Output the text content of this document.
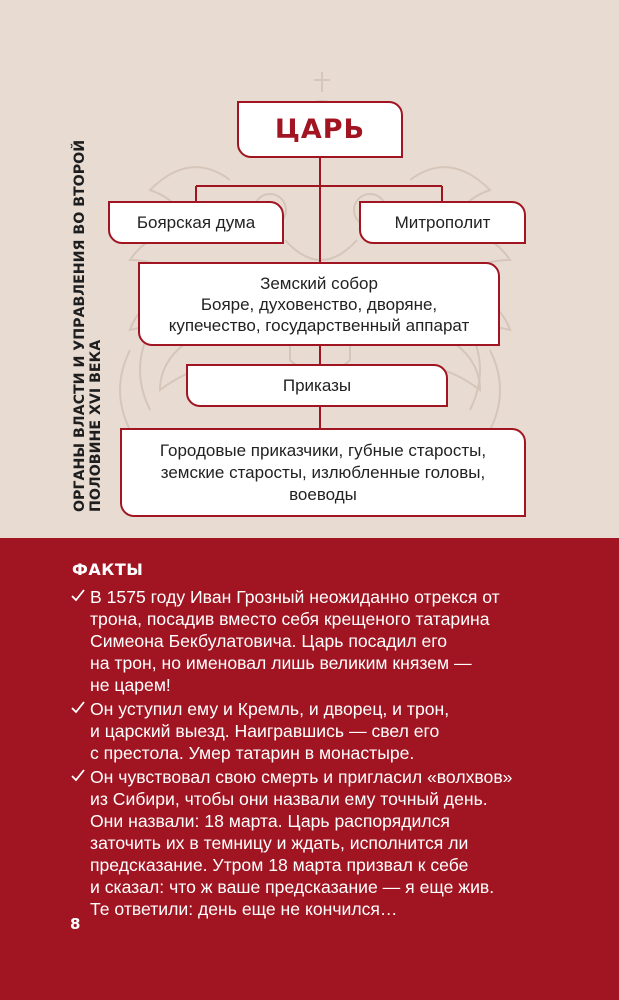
ОРГАНЫ ВЛАСТИ И УПРАВЛЕНИЯ ВО ВТОРОЙ ПОЛОВИНЕ XVI ВЕКА
ЦАРЬ
Боярская дума	Митрополит
Земский собор
Бояре, духовенство, дворяне,
купечество, государственный аппарат
Приказы
Городовые приказчики, губные старосты,
земские старосты, излюбленные головы,
воеводы
ФАКТЫ
В 1575 году Иван Грозный неожиданно отрекся от
трона, посадив вместо себя крещеного татарина
Симеона Бекбулатовича. Царь посадил его
на трон, но именовал лишь великим князем —
не царем!
Он уступил ему и Кремль, и дворец, и трон,
и царский выезд. Наигравшись — свел его
с престола. Умер татарин в монастыре.
Он чувствовал свою смерть и пригласил «волхвов»
из Сибири, чтобы они назвали ему точный день.
Они назвали: 18 марта. Царь распорядился
заточить их в темницу и ждать, исполнится ли
предсказание. Утром 18 марта призвал к себе
и сказал: что ж ваше предсказание — я еще жив.
Те ответили: день еще не кончился…
8
